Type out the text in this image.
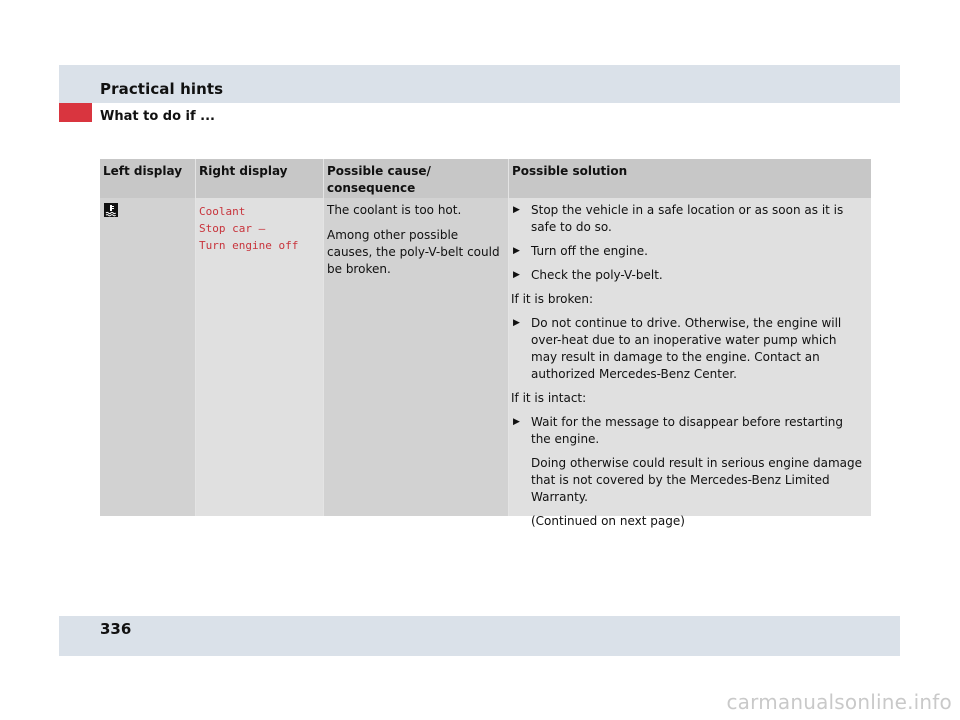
Practical hints
What to do if ...
Left display	Right display
Coolant
Stop car –
Turn engine off
Possible cause/ consequence

The coolant is too hot.

Among other possible causes, the poly-V-belt could be broken.

Possible solution
▶ Stop the vehicle in a safe location or as soon as it is safe to do so.
▶ Turn off the engine.
▶ Check the poly-V-belt.
If it is broken:
▶ Do not continue to drive. Otherwise, the engine will over-heat due to an inoperative water pump which may result in damage to the engine. Contact an authorized Mercedes-Benz Center.
If it is intact:
▶ Wait for the message to disappear before restarting the engine.
Doing otherwise could result in serious engine damage that is not covered by the Mercedes-Benz Limited Warranty.
(Continued on next page)
336
carmanualsonline.info
